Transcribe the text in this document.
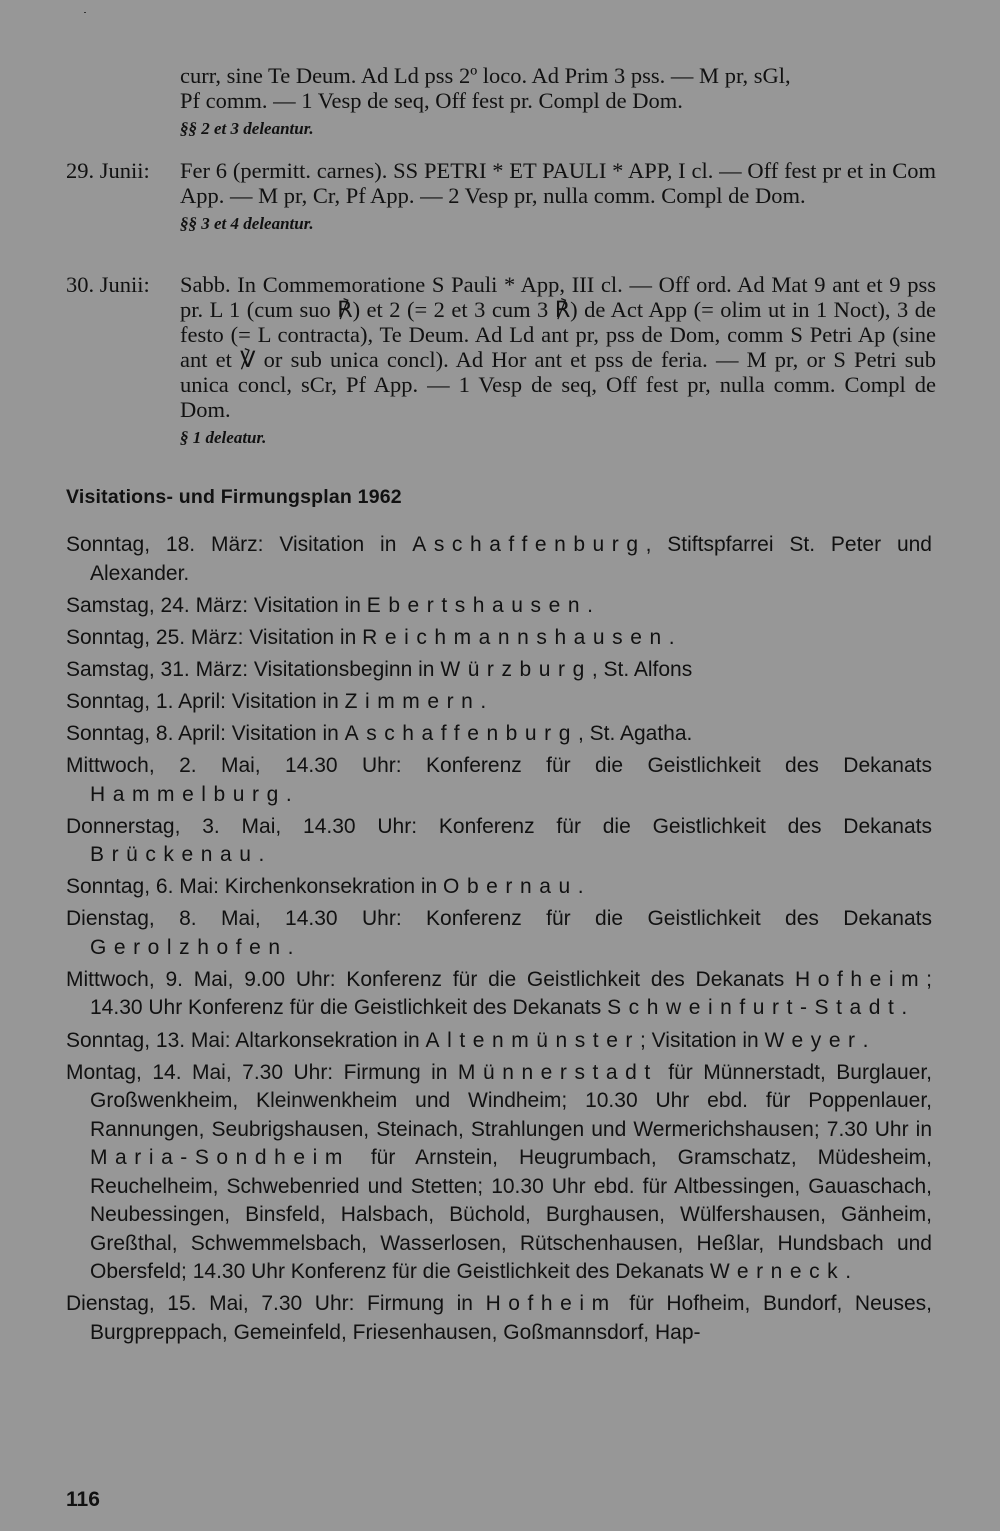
curr, sine Te Deum. Ad Ld pss 2º loco. Ad Prim 3 pss. — M pr, sGl,
Pf comm. — 1 Vesp de seq, Off fest pr. Compl de Dom.
§§ 2 et 3 deleantur.
29. Junii:	Fer 6 (permitt. carnes). SS PETRI * ET PAULI * APP, I cl. — Off fest pr et in Com App. — M pr, Cr, Pf App. — 2 Vesp pr, nulla comm. Compl de Dom.
§§ 3 et 4 deleantur.
30. Junii:	Sabb. In Commemoratione S Pauli * App, III cl. — Off ord. Ad Mat 9 ant et 9 pss pr. L 1 (cum suo ℟) et 2 (= 2 et 3 cum 3 ℟) de Act App (= olim ut in 1 Noct), 3 de festo (= L contracta), Te Deum. Ad Ld ant pr, pss de Dom, comm S Petri Ap (sine ant et ℣ or sub unica concl). Ad Hor ant et pss de feria. — M pr, or S Petri sub unica concl, sCr, Pf App. — 1 Vesp de seq, Off fest pr, nulla comm. Compl de Dom.
§ 1 deleatur.
Visitations- und Firmungsplan 1962
Sonntag, 18. März: Visitation in Aschaffenburg, Stiftspfarrei St. Peter und Alexander.
Samstag, 24. März: Visitation in Ebertshausen.
Sonntag, 25. März: Visitation in Reichmannshausen.
Samstag, 31. März: Visitationsbeginn in Würzburg, St. Alfons
Sonntag, 1. April: Visitation in Zimmern.
Sonntag, 8. April: Visitation in Aschaffenburg, St. Agatha.
Mittwoch, 2. Mai, 14.30 Uhr: Konferenz für die Geistlichkeit des Dekanats Hammelburg.
Donnerstag, 3. Mai, 14.30 Uhr: Konferenz für die Geistlichkeit des Dekanats Brückenau.
Sonntag, 6. Mai: Kirchenkonsekration in Obernau.
Dienstag, 8. Mai, 14.30 Uhr: Konferenz für die Geistlichkeit des Dekanats Gerolzhofen.
Mittwoch, 9. Mai, 9.00 Uhr: Konferenz für die Geistlichkeit des Dekanats Hofheim; 14.30 Uhr Konferenz für die Geistlichkeit des Dekanats Schweinfurt-Stadt.
Sonntag, 13. Mai: Altarkonsekration in Altenmünster; Visitation in Weyer.
Montag, 14. Mai, 7.30 Uhr: Firmung in Münnerstadt für Münnerstadt, Burglauer, Großwenkheim, Kleinwenkheim und Windheim; 10.30 Uhr ebd. für Poppenlauer, Rannungen, Seubrigshausen, Steinach, Strahlungen und Wermerichshausen; 7.30 Uhr in Maria-Sondheim für Arnstein, Heugrumbach, Gramschatz, Müdesheim, Reuchelheim, Schwebenried und Stetten; 10.30 Uhr ebd. für Altbessingen, Gauaschach, Neubessingen, Binsfeld, Halsbach, Büchold, Burghausen, Wülfershausen, Gänheim, Greßthal, Schwemmelsbach, Wasserlosen, Rütschenhausen, Heßlar, Hundsbach und Obersfeld; 14.30 Uhr Konferenz für die Geistlichkeit des Dekanats Werneck.
Dienstag, 15. Mai, 7.30 Uhr: Firmung in Hofheim für Hofheim, Bundorf, Neuses, Burgpreppach, Gemeinfeld, Friesenhausen, Goßmannsdorf, Hap-
116
